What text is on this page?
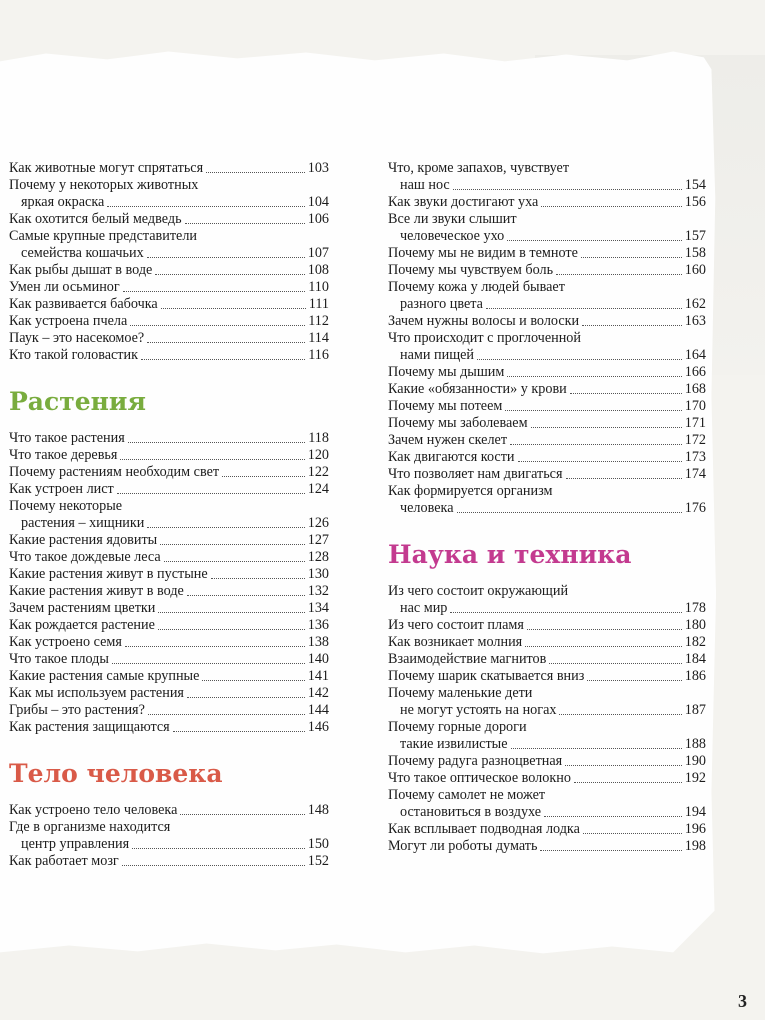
Как животные могут спрятаться	103
Почему у некоторых животных
яркая окраска	104
Как охотится белый медведь	106
Самые крупные представители
семейства кошачьих	107
Как рыбы дышат в воде	108
Умен ли осьминог	110
Как развивается бабочка	111
Как устроена пчела	112
Паук – это насекомое?	114
Кто такой головастик	116
Растения
Что такое растения	118
Что такое деревья	120
Почему растениям необходим свет	122
Как устроен лист	124
Почему некоторые
растения – хищники	126
Какие растения ядовиты	127
Что такое дождевые леса	128
Какие растения живут в пустыне	130
Какие растения живут в воде	132
Зачем растениям цветки	134
Как рождается растение	136
Как устроено семя	138
Что такое плоды	140
Какие растения самые крупные	141
Как мы используем растения	142
Грибы – это растения?	144
Как растения защищаются	146
Тело человека
Как устроено тело человека	148
Где в организме находится
центр управления	150
Как работает мозг	152
Что, кроме запахов, чувствует
наш нос	154
Как звуки достигают уха	156
Все ли звуки слышит
человеческое ухо	157
Почему мы не видим в темноте	158
Почему мы чувствуем боль	160
Почему кожа у людей бывает
разного цвета	162
Зачем нужны волосы и волоски	163
Что происходит с проглоченной
нами пищей	164
Почему мы дышим	166
Какие «обязанности» у крови	168
Почему мы потеем	170
Почему мы заболеваем	171
Зачем нужен скелет	172
Как двигаются кости	173
Что позволяет нам двигаться	174
Как формируется организм
человека	176
Наука и техника
Из чего состоит окружающий
нас мир	178
Из чего состоит пламя	180
Как возникает молния	182
Взаимодействие магнитов	184
Почему шарик скатывается вниз	186
Почему маленькие дети
не могут устоять на ногах	187
Почему горные дороги
такие извилистые	188
Почему радуга разноцветная	190
Что такое оптическое волокно	192
Почему самолет не может
остановиться в воздухе	194
Как всплывает подводная лодка	196
Могут ли роботы думать	198
3
